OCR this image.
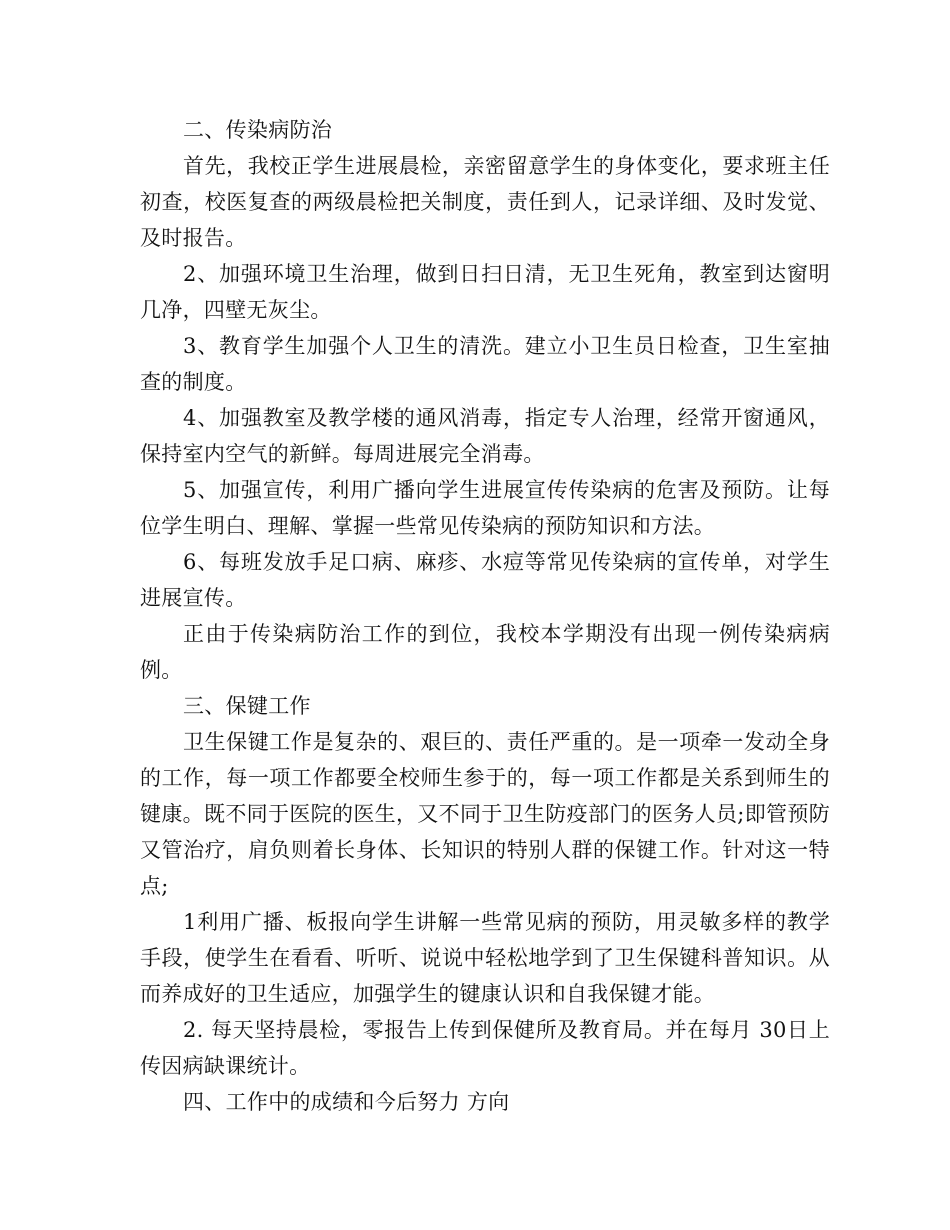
二、传染病防治

首先，我校正学生进展晨检，亲密留意学生的身体变化，要求班主任初查，校医复查的两级晨检把关制度，责任到人，记录详细、及时发觉、及时报告。

2、加强环境卫生治理，做到日扫日清，无卫生死角，教室到达窗明几净，四壁无灰尘。

3、教育学生加强个人卫生的清洗。建立小卫生员日检查，卫生室抽查的制度。

4、加强教室及教学楼的通风消毒，指定专人治理，经常开窗通风，保持室内空气的新鲜。每周进展完全消毒。

5、加强宣传，利用广播向学生进展宣传传染病的危害及预防。让每位学生明白、理解、掌握一些常见传染病的预防知识和方法。

6、每班发放手足口病、麻疹、水痘等常见传染病的宣传单，对学生进展宣传。

正由于传染病防治工作的到位，我校本学期没有出现一例传染病病例。

三、保键工作

卫生保键工作是复杂的、艰巨的、责任严重的。是一项牵一发动全身的工作，每一项工作都要全校师生参于的，每一项工作都是关系到师生的键康。既不同于医院的医生，又不同于卫生防疫部门的医务人员;即管预防又管治疗，肩负则着长身体、长知识的特别人群的保键工作。针对这一特点;

1利用广播、板报向学生讲解一些常见病的预防，用灵敏多样的教学手段，使学生在看看、听听、说说中轻松地学到了卫生保键科普知识。从而养成好的卫生适应，加强学生的键康认识和自我保键才能。

2. 每天坚持晨检，零报告上传到保健所及教育局。并在每月 30日上传因病缺课统计。

四、工作中的成绩和今后努力 方向
